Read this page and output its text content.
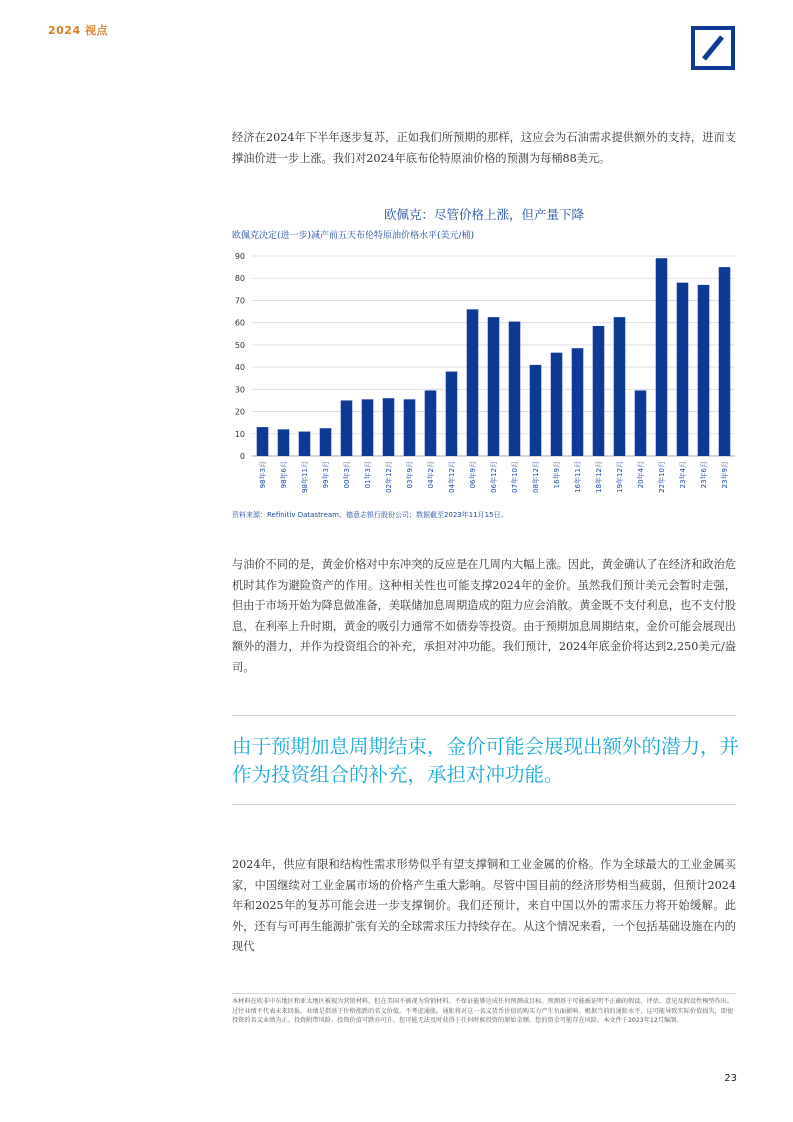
2024 视点

经济在2024年下半年逐步复苏，正如我们所预期的那样，这应会为石油需求提供额外的支持，进而支撑油价进一步上涨。我们对2024年底布伦特原油价格的预测为每桶88美元。

欧佩克：尽管价格上涨，但产量下降
欧佩克决定(进一步)减产前五天布伦特原油价格水平(美元/桶)
0
10
20
30
40
50
60
70
80
90
98年3月 98年6月 98年11月 99年3月 00年3月 01年3月 02年12月 03年9月 04年2月 04年12月 06年9月 06年12月 07年10月 08年12月 16年9月 16年11月 18年12月 19年12月 20年4月 22年10月 23年4月 23年6月 23年9月
资料来源：Refinitiv Datastream、德意志银行股份公司；数据截至2023年11月15日。

与油价不同的是，黄金价格对中东冲突的反应是在几周内大幅上涨。因此，黄金确认了在经济和政治危机时其作为避险资产的作用。这种相关性也可能支撑2024年的金价。虽然我们预计美元会暂时走强，但由于市场开始为降息做准备，美联储加息周期造成的阻力应会消散。黄金既不支付利息，也不支付股息，在利率上升时期，黄金的吸引力通常不如债券等投资。由于预期加息周期结束，金价可能会展现出额外的潜力，并作为投资组合的补充，承担对冲功能。我们预计，2024年底金价将达到2,250美元/盎司。

由于预期加息周期结束，金价可能会展现出额外的潜力，并作为投资组合的补充，承担对冲功能。

2024年，供应有限和结构性需求形势似乎有望支撑铜和工业金属的价格。作为全球最大的工业金属买家，中国继续对工业金属市场的价格产生重大影响。尽管中国目前的经济形势相当疲弱，但预计2024年和2025年的复苏可能会进一步支撑铜价。我们还预计，来自中国以外的需求压力将开始缓解。此外，还有与可再生能源扩张有关的全球需求压力持续存在。从这个情况来看，一个包括基础设施在内的现代

本材料在欧非中东地区和亚太地区被视为营销材料，但在美国不被视为营销材料。不保证能够达成任何预测或目标。预测基于可能被证明不正确的假设、评估、意见及假设性模型作出。过往业绩不代表未来回报。业绩是指基于价格涨跌的名义价值，不考虑通胀。通胀将对这一名义货币价值的购买力产生负面影响。根据当前的通胀水平，这可能导致实际价值损失，即使投资的名义业绩为正。投资附带风险。投资价值可跌亦可升，您可能无法及时获得于任何时候投资的原始金额。您的资金可能存在风险。本文件于2023年12月编制。
23
